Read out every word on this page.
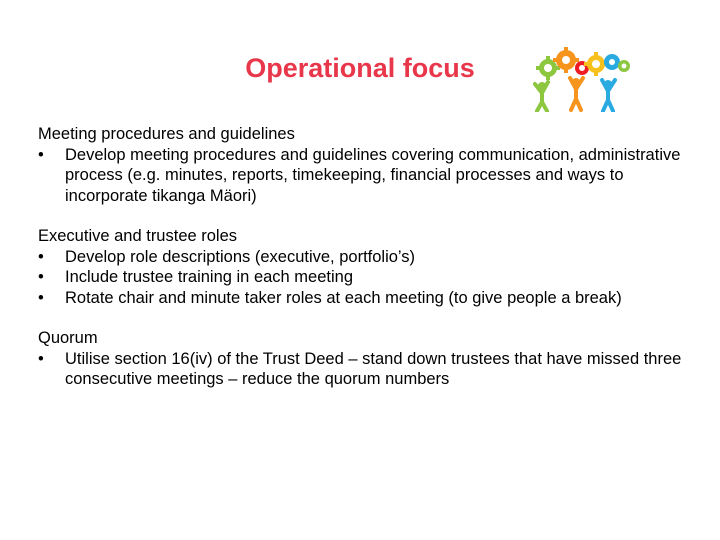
Operational focus
Meeting procedures and guidelines
• Develop meeting procedures and guidelines covering communication, administrative process (e.g. minutes, reports, timekeeping, financial processes and ways to incorporate tikanga Mäori)
Executive and trustee roles
• Develop role descriptions (executive, portfolio’s)
• Include trustee training in each meeting
• Rotate chair and minute taker roles at each meeting (to give people a break)
Quorum
• Utilise section 16(iv) of the Trust Deed – stand down trustees that have missed three consecutive meetings – reduce the quorum numbers
